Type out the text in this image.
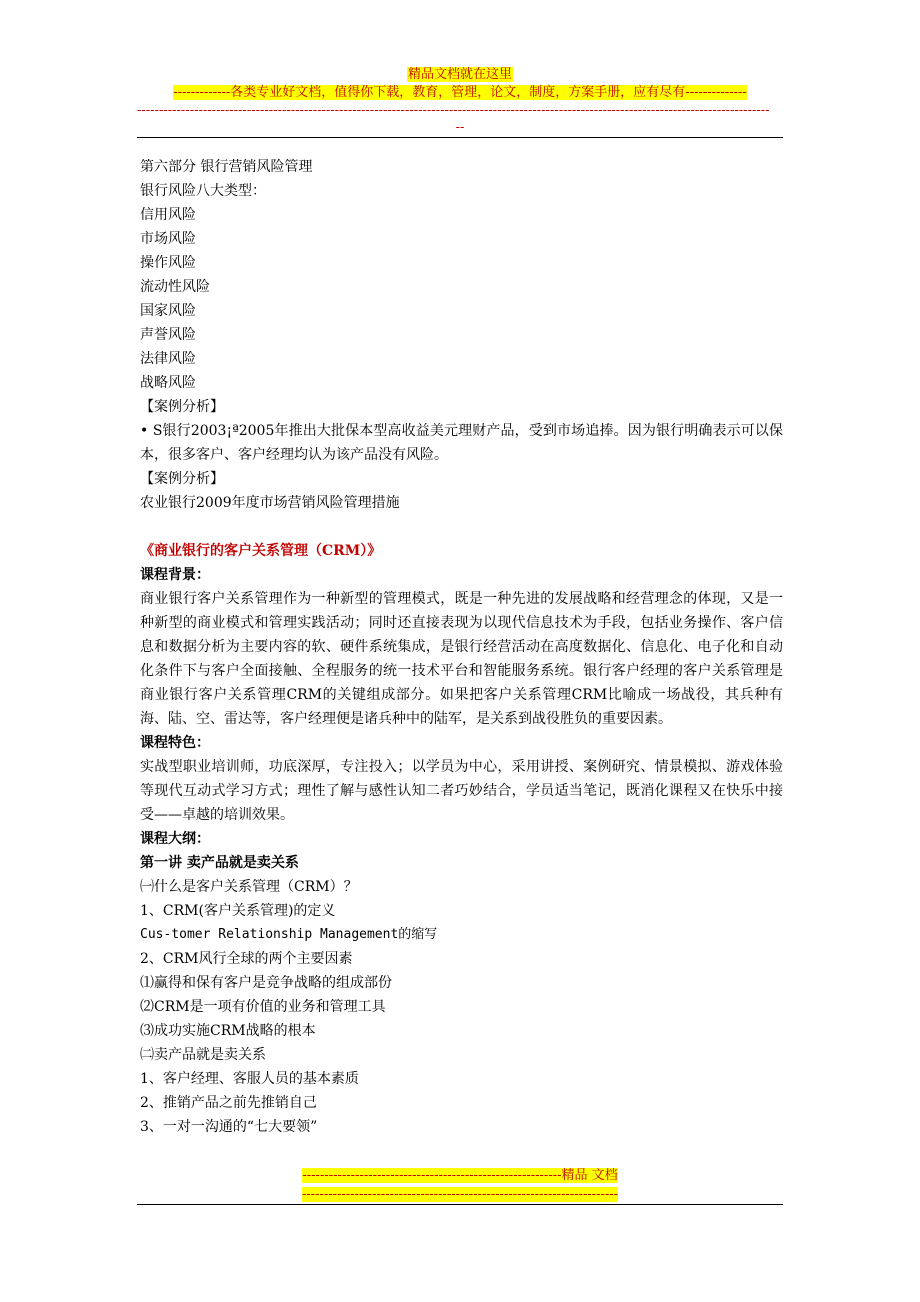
精品文档就在这里
-------------各类专业好文档，值得你下载，教育，管理，论文，制度，方案手册，应有尽有--------------
------------------------------------------------------------------------------------------------------------------------------------------------
--

第六部分 银行营销风险管理

银行风险八大类型：

信用风险

市场风险

操作风险

流动性风险

国家风险

声誉风险

法律风险

战略风险

【案例分析】

• S银行2003¡ª2005年推出大批保本型高收益美元理财产品，受到市场追捧。因为银行明确表示可以保本，很多客户、客户经理均认为该产品没有风险。

【案例分析】

农业银行2009年度市场营销风险管理措施

《商业银行的客户关系管理（CRM）》

课程背景：

商业银行客户关系管理作为一种新型的管理模式，既是一种先进的发展战略和经营理念的体现，又是一种新型的商业模式和管理实践活动；同时还直接表现为以现代信息技术为手段，包括业务操作、客户信息和数据分析为主要内容的软、硬件系统集成，是银行经营活动在高度数据化、信息化、电子化和自动化条件下与客户全面接触、全程服务的统一技术平台和智能服务系统。银行客户经理的客户关系管理是商业银行客户关系管理CRM的关键组成部分。如果把客户关系管理CRM比喻成一场战役，其兵种有海、陆、空、雷达等，客户经理便是诸兵种中的陆军，是关系到战役胜负的重要因素。

课程特色：

实战型职业培训师，功底深厚，专注投入；以学员为中心，采用讲授、案例研究、情景模拟、游戏体验等现代互动式学习方式；理性了解与感性认知二者巧妙结合，学员适当笔记，既消化课程又在快乐中接受——卓越的培训效果。

课程大纲：

第一讲 卖产品就是卖关系

㈠什么是客户关系管理（CRM）？

1、CRM(客户关系管理)的定义

Cus-tomer Relationship Management的缩写

2、CRM风行全球的两个主要因素

⑴赢得和保有客户是竞争战略的组成部份

⑵CRM是一项有价值的业务和管理工具

⑶成功实施CRM战略的根本

㈡卖产品就是卖关系

1、客户经理、客服人员的基本素质

2、推销产品之前先推销自己

3、一对一沟通的“七大要领”

-----------------------------------------------------------精品 文档
------------------------------------------------------------------------
